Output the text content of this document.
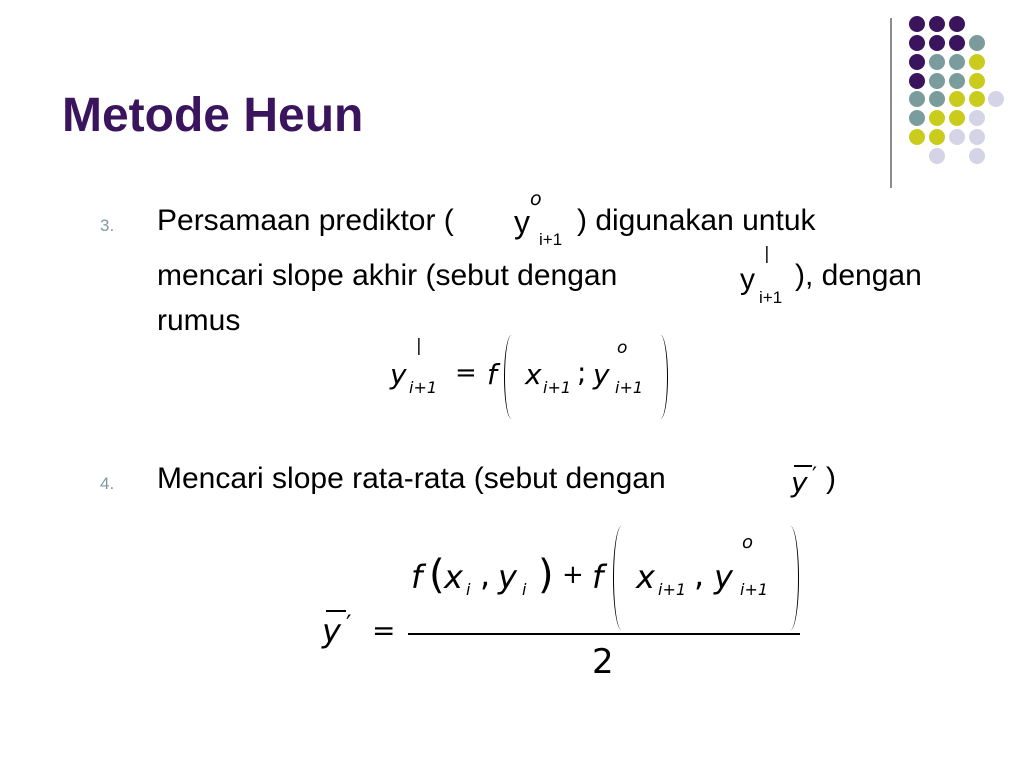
Metode Heun
3. Persamaan prediktor (
o
y i+1
) digunakan untuk
mencari slope akhir (sebut dengan
|
y
i+1
), dengan
rumus
|
y i+1 = f x i+1 ;
o
y i+1
4. Mencari slope rata-rata (sebut dengan	y ′ )
y ′ =
f ( x i , y i ) + f x i+1 ,
o
y i+1
2
